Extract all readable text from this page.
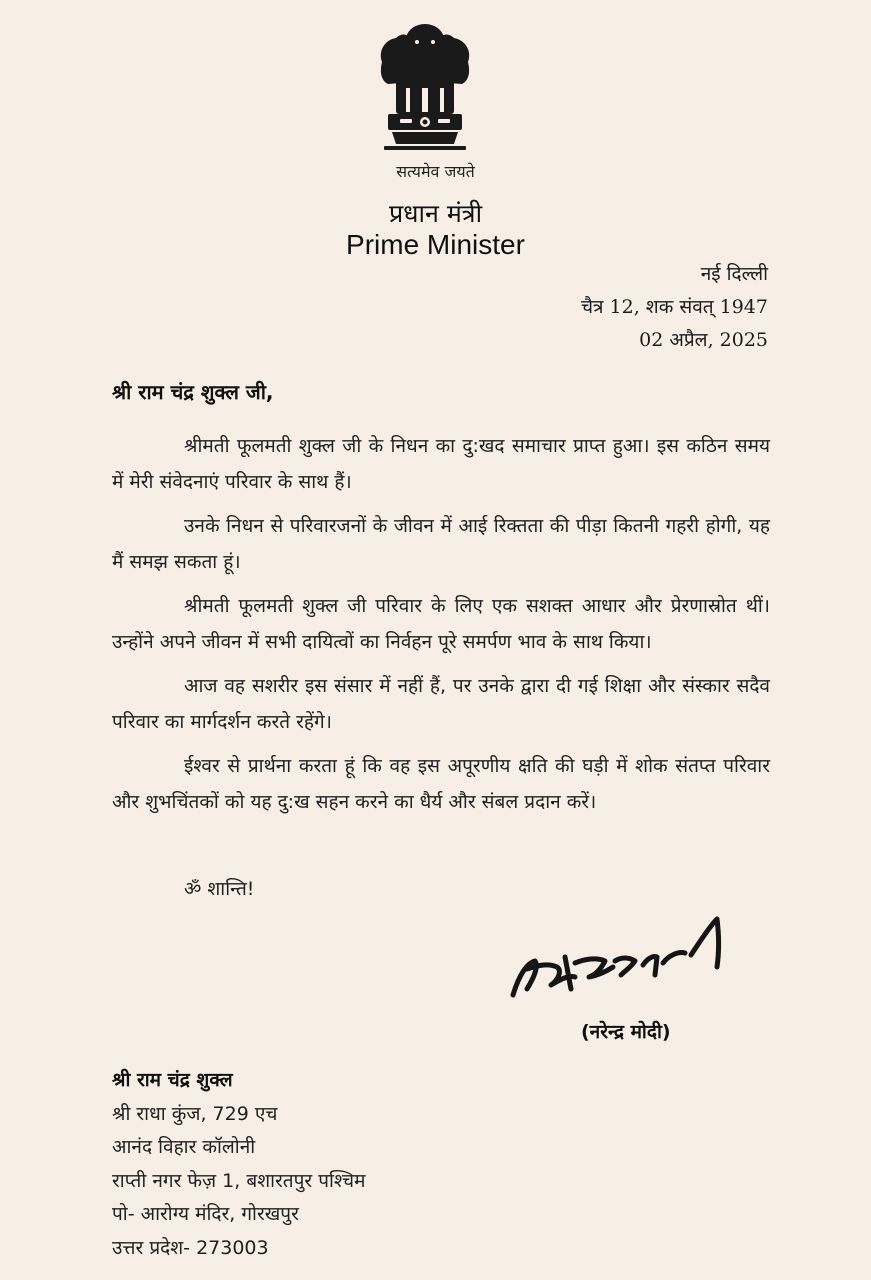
सत्यमेव जयते
प्रधान मंत्री
Prime Minister
नई दिल्ली
चैत्र 12, शक संवत् 1947
02 अप्रैल, 2025
श्री राम चंद्र शुक्ल जी,

श्रीमती फूलमती शुक्ल जी के निधन का दु:खद समाचार प्राप्त हुआ। इस कठिन समय में मेरी संवेदनाएं परिवार के साथ हैं।

उनके निधन से परिवारजनों के जीवन में आई रिक्तता की पीड़ा कितनी गहरी होगी, यह मैं समझ सकता हूं।

श्रीमती फूलमती शुक्ल जी परिवार के लिए एक सशक्त आधार और प्रेरणास्रोत थीं। उन्होंने अपने जीवन में सभी दायित्वों का निर्वहन पूरे समर्पण भाव के साथ किया।

आज वह सशरीर इस संसार में नहीं हैं, पर उनके द्वारा दी गई शिक्षा और संस्कार सदैव परिवार का मार्गदर्शन करते रहेंगे।

ईश्वर से प्रार्थना करता हूं कि वह इस अपूरणीय क्षति की घड़ी में शोक संतप्त परिवार और शुभचिंतकों को यह दु:ख सहन करने का धैर्य और संबल प्रदान करें।

ॐ शान्ति!
(नरेन्द्र मोदी)
श्री राम चंद्र शुक्ल
श्री राधा कुंज, 729 एच
आनंद विहार कॉलोनी
राप्ती नगर फेज़ 1, बशारतपुर पश्चिम
पो- आरोग्य मंदिर, गोरखपुर
उत्तर प्रदेश- 273003
